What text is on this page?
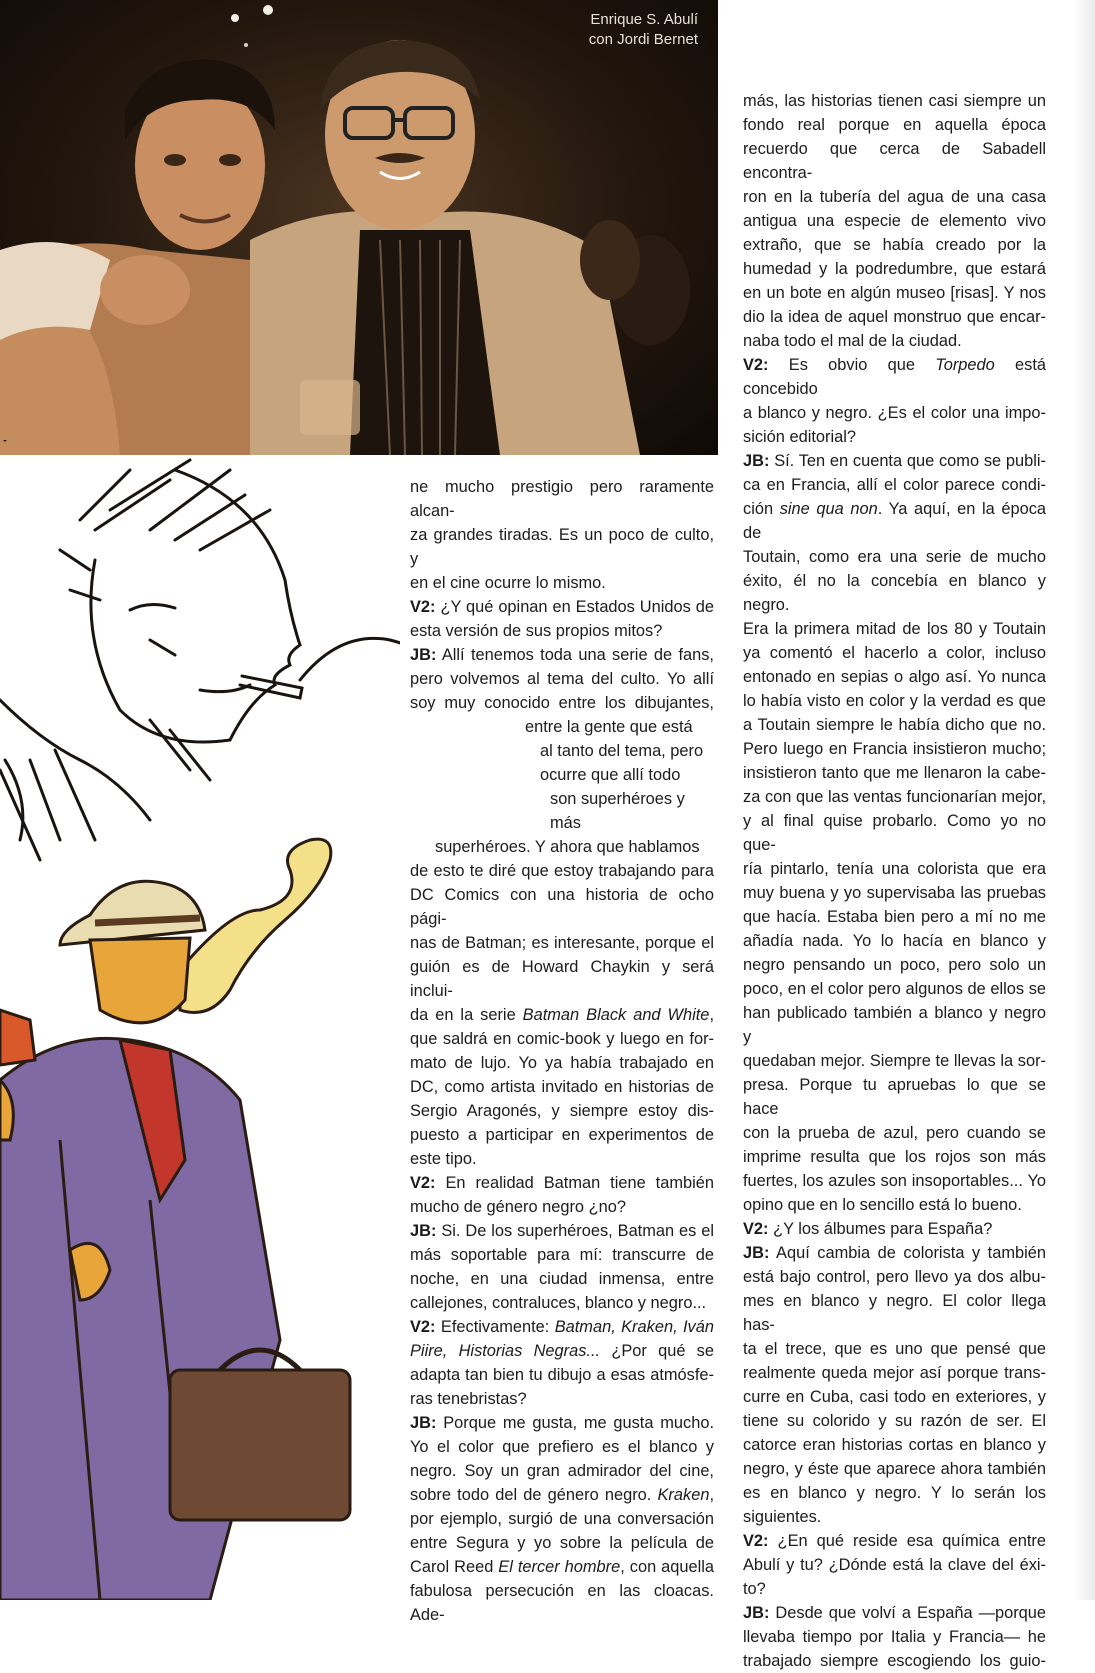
Enrique S. Abulí
con Jordi Bernet

ne mucho prestigio pero raramente alcan-

za grandes tiradas. Es un poco de culto, y

en el cine ocurre lo mismo.

V2: ¿Y qué opinan en Estados Unidos de

esta versión de sus propios mitos?

JB: Allí tenemos toda una serie de fans,

pero volvemos al tema del culto. Yo allí

soy muy conocido entre los dibujantes,

entre la gente que está

al tanto del tema, pero

ocurre que allí todo

son superhéroes y más

superhéroes. Y ahora que hablamos

de esto te diré que estoy trabajando para

DC Comics con una historia de ocho pági-

nas de Batman; es interesante, porque el

guión es de Howard Chaykin y será inclui-

da en la serie Batman Black and White,

que saldrá en comic-book y luego en for-

mato de lujo. Yo ya había trabajado en

DC, como artista invitado en historias de

Sergio Aragonés, y siempre estoy dis-

puesto a participar en experimentos de

este tipo.

V2: En realidad Batman tiene también

mucho de género negro ¿no?

JB: Si. De los superhéroes, Batman es el

más soportable para mí: transcurre de

noche, en una ciudad inmensa, entre

callejones, contraluces, blanco y negro...

V2: Efectivamente: Batman, Kraken, Iván

Piire, Historias Negras... ¿Por qué se

adapta tan bien tu dibujo a esas atmósfe-

ras tenebristas?

JB: Porque me gusta, me gusta mucho.

Yo el color que prefiero es el blanco y

negro. Soy un gran admirador del cine,

sobre todo del de género negro. Kraken,

por ejemplo, surgió de una conversación

entre Segura y yo sobre la película de

Carol Reed El tercer hombre, con aquella

fabulosa persecución en las cloacas. Ade-

más, las historias tienen casi siempre un

fondo real porque en aquella época

recuerdo que cerca de Sabadell encontra-

ron en la tubería del agua de una casa

antigua una especie de elemento vivo

extraño, que se había creado por la

humedad y la podredumbre, que estará

en un bote en algún museo [risas]. Y nos

dio la idea de aquel monstruo que encar-

naba todo el mal de la ciudad.

V2: Es obvio que Torpedo está concebido

a blanco y negro. ¿Es el color una impo-

sición editorial?

JB: Sí. Ten en cuenta que como se publi-

ca en Francia, allí el color parece condi-

ción sine qua non. Ya aquí, en la época de

Toutain, como era una serie de mucho

éxito, él no la concebía en blanco y negro.

Era la primera mitad de los 80 y Toutain

ya comentó el hacerlo a color, incluso

entonado en sepias o algo así. Yo nunca

lo había visto en color y la verdad es que

a Toutain siempre le había dicho que no.

Pero luego en Francia insistieron mucho;

insistieron tanto que me llenaron la cabe-

za con que las ventas funcionarían mejor,

y al final quise probarlo. Como yo no que-

ría pintarlo, tenía una colorista que era

muy buena y yo supervisaba las pruebas

que hacía. Estaba bien pero a mí no me

añadía nada. Yo lo hacía en blanco y

negro pensando un poco, pero solo un

poco, en el color pero algunos de ellos se

han publicado también a blanco y negro y

quedaban mejor. Siempre te llevas la sor-

presa. Porque tu apruebas lo que se hace

con la prueba de azul, pero cuando se

imprime resulta que los rojos son más

fuertes, los azules son insoportables... Yo

opino que en lo sencillo está lo bueno.

V2: ¿Y los álbumes para España?

JB: Aquí cambia de colorista y también

está bajo control, pero llevo ya dos albu-

mes en blanco y negro. El color llega has-

ta el trece, que es uno que pensé que

realmente queda mejor así porque trans-

curre en Cuba, casi todo en exteriores, y

tiene su colorido y su razón de ser. El

catorce eran historias cortas en blanco y

negro, y éste que aparece ahora también

es en blanco y negro. Y lo serán los

siguientes.

V2: ¿En qué reside esa química entre

Abulí y tu? ¿Dónde está la clave del éxi-

to?

JB: Desde que volví a España —porque

llevaba tiempo por Italia y Francia— he

trabajado siempre escogiendo los guio-
